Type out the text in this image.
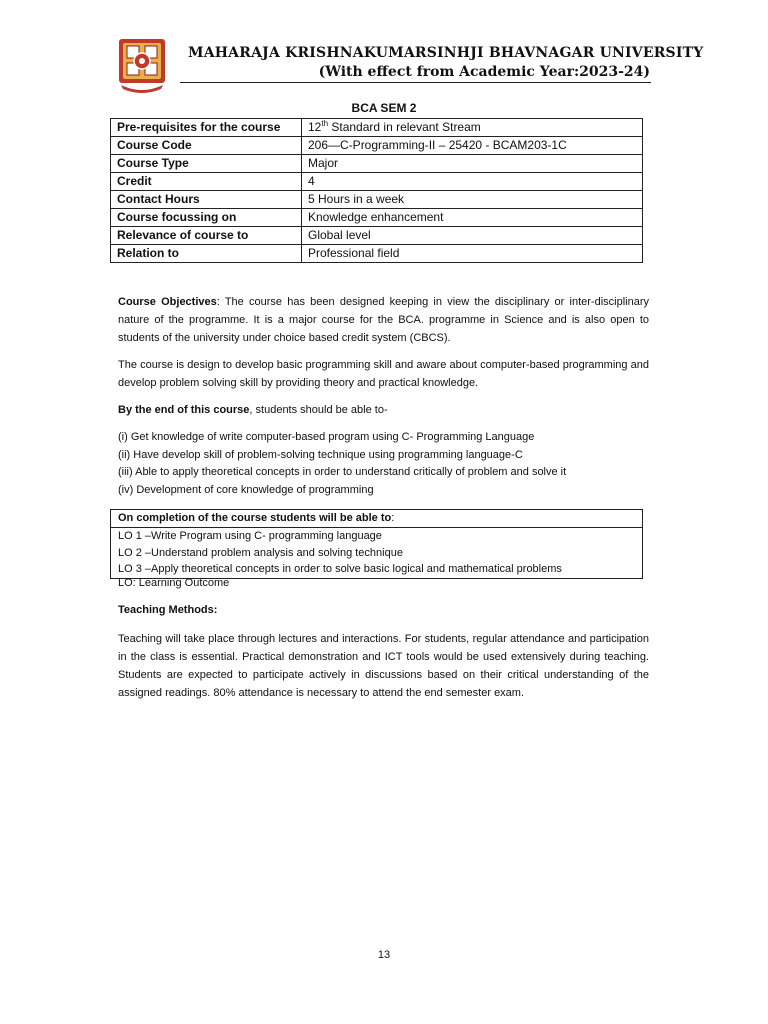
MAHARAJA KRISHNAKUMARSINHJI BHAVNAGAR UNIVERSITY
(With effect from Academic Year:2023-24)
BCA SEM 2
Pre-requisites for the course	12th Standard in relevant Stream
Course Code	206—C-Programming-II – 25420 - BCAM203-1C
Course Type	Major
Credit	4
Contact Hours	5 Hours in a week
Course focussing on	Knowledge enhancement
Relevance of course to	Global level
Relation to	Professional field

Course Objectives: The course has been designed keeping in view the disciplinary or inter-disciplinary nature of the programme. It is a major course for the BCA. programme in Science and is also open to students of the university under choice based credit system (CBCS).

The course is design to develop basic programming skill and aware about computer-based programming and develop problem solving skill by providing theory and practical knowledge.

By the end of this course, students should be able to-

(i) Get knowledge of write computer-based program using C- Programming Language
(ii) Have develop skill of problem-solving technique using programming language-C
(iii) Able to apply theoretical concepts in order to understand critically of problem and solve it
(iv) Development of core knowledge of programming
On completion of the course students will be able to:

LO 1 –Write Program using C- programming language
LO 2 –Understand problem analysis and solving technique
LO 3 –Apply theoretical concepts in order to solve basic logical and mathematical problems
LO: Learning Outcome
Teaching Methods:

Teaching will take place through lectures and interactions. For students, regular attendance and participation in the class is essential. Practical demonstration and ICT tools would be used extensively during teaching. Students are expected to participate actively in discussions based on their critical understanding of the assigned readings. 80% attendance is necessary to attend the end semester exam.

13
